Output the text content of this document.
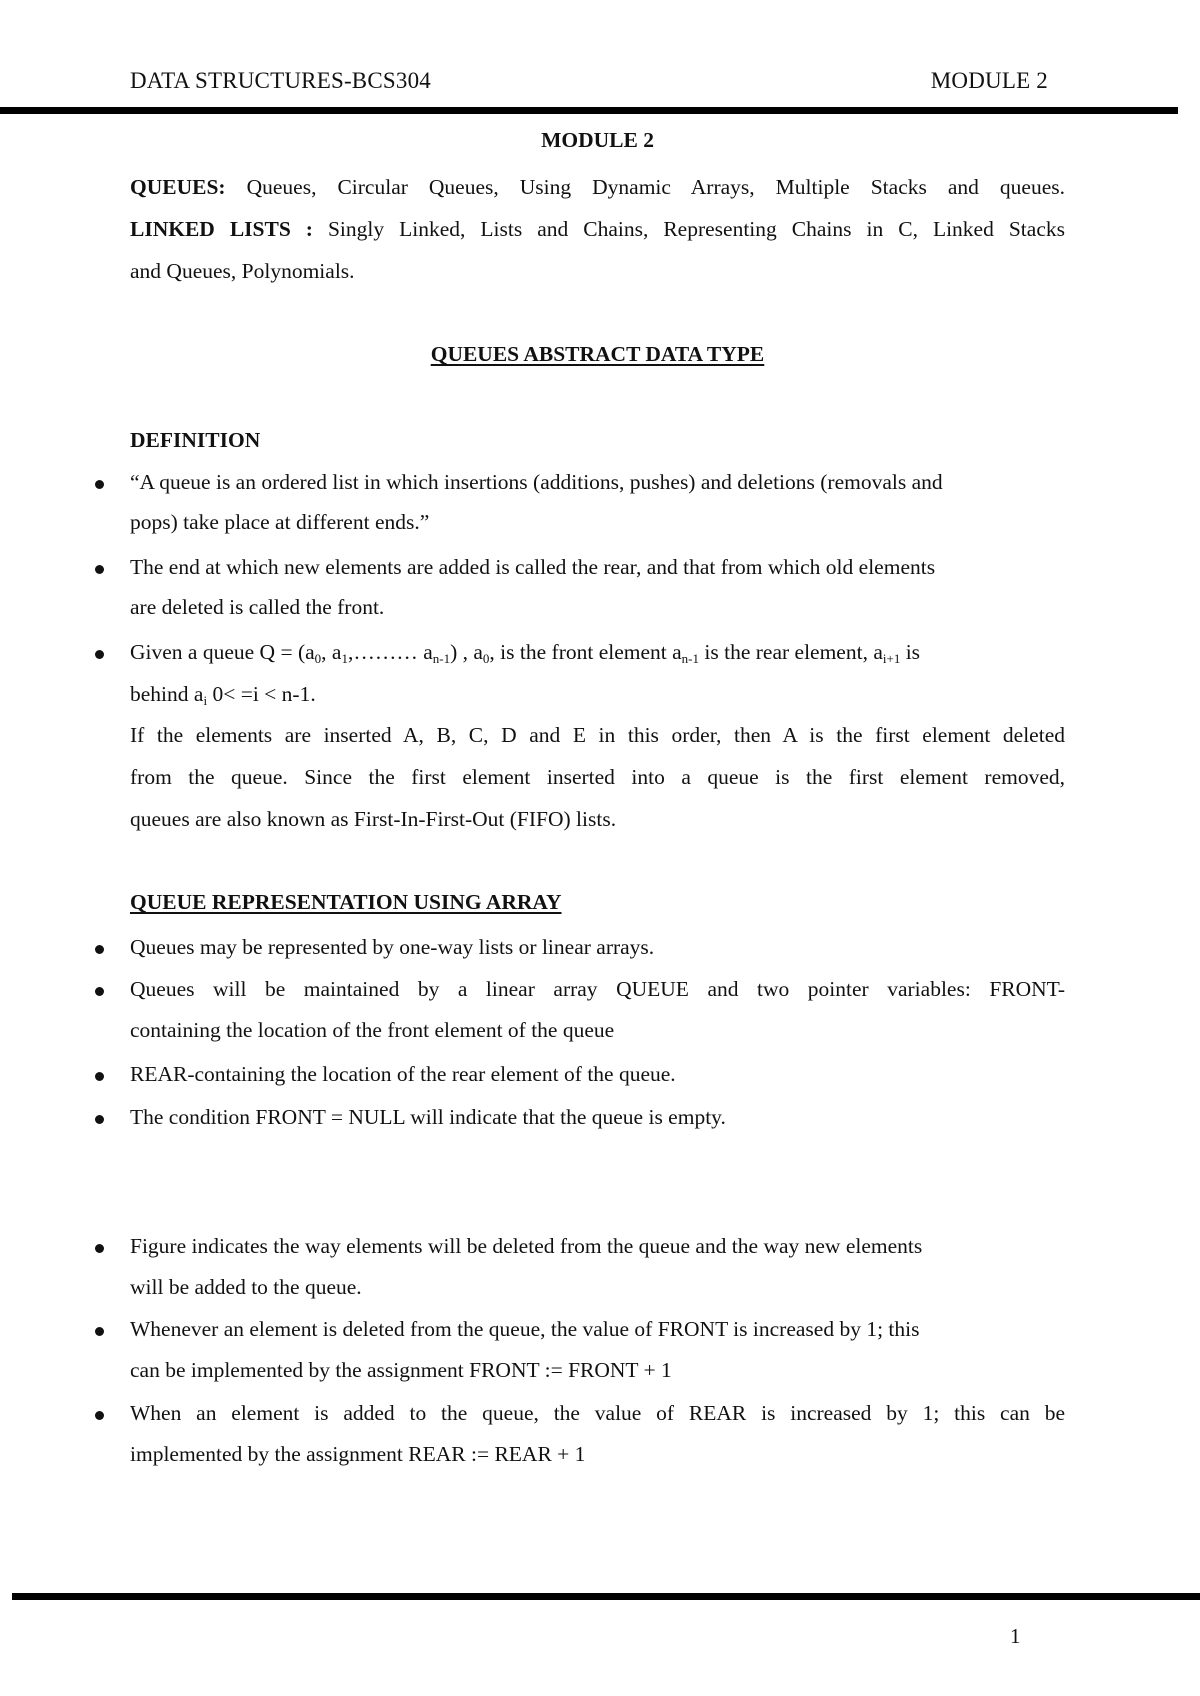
DATA STRUCTURES-BCS304	MODULE 2
MODULE 2
QUEUES: Queues, Circular Queues, Using Dynamic Arrays, Multiple Stacks and queues.
LINKED LISTS : Singly Linked, Lists and Chains, Representing Chains in C, Linked Stacks
and Queues, Polynomials.
QUEUES ABSTRACT DATA TYPE
DEFINITION
“A queue is an ordered list in which insertions (additions, pushes) and deletions (removals and
pops) take place at different ends.”
The end at which new elements are added is called the rear, and that from which old elements
are deleted is called the front.
Given a queue $Q = (a_0$, $a_1,\dots\dots\dots$ $a_{n-1}$) , $a_0$, is the front element $a_{n-1}$ is the rear element, $a_{i+1}$ is
behind $a_i$ 0< =i < n-1.
If the elements are inserted A, B, C, D and E in this order, then A is the first element deleted
from the queue. Since the first element inserted into a queue is the first element removed,
queues are also known as First-In-First-Out (FIFO) lists.
QUEUE REPRESENTATION USING ARRAY
Queues may be represented by one-way lists or linear arrays.
Queues will be maintained by a linear array QUEUE and two pointer variables: FRONT-
containing the location of the front element of the queue
REAR-containing the location of the rear element of the queue.
The condition FRONT = NULL will indicate that the queue is empty.
Figure indicates the way elements will be deleted from the queue and the way new elements
will be added to the queue.
Whenever an element is deleted from the queue, the value of FRONT is increased by 1; this
can be implemented by the assignment FRONT := FRONT + 1
When an element is added to the queue, the value of REAR is increased by 1; this can be
implemented by the assignment REAR := REAR + 1
1
